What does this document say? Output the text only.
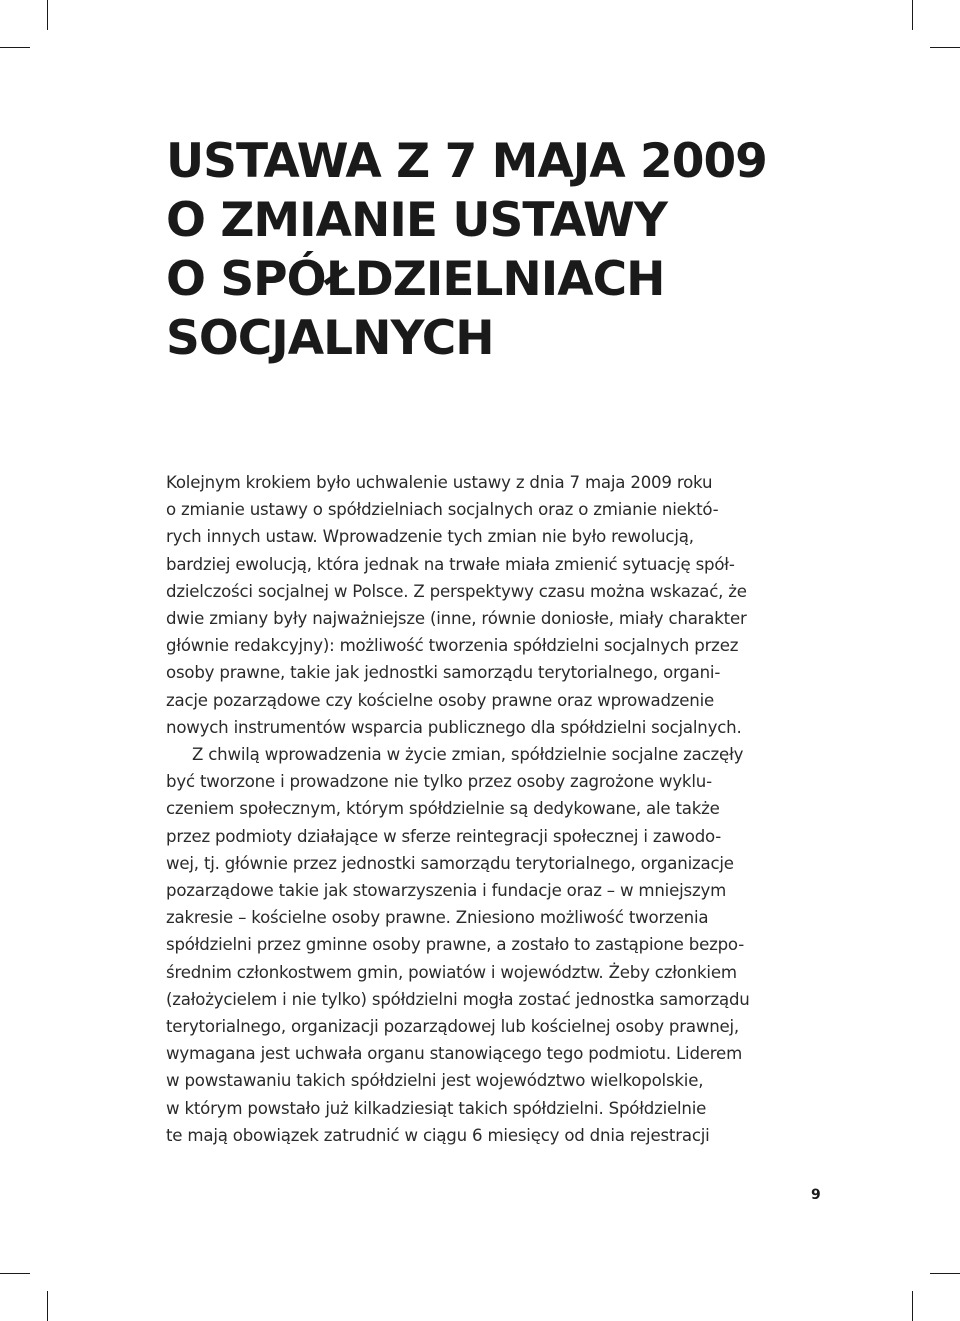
USTAWA Z 7 MAJA 2009
O ZMIANIE USTAWY
O SPÓŁDZIELNIACH
SOCJALNYCH
Kolejnym krokiem było uchwalenie ustawy z dnia 7 maja 2009 roku
o zmianie ustawy o spółdzielniach socjalnych oraz o zmianie niektó-
rych innych ustaw. Wprowadzenie tych zmian nie było rewolucją,
bardziej ewolucją, która jednak na trwałe miała zmienić sytuację spół-
dzielczości socjalnej w Polsce. Z perspektywy czasu można wskazać, że
dwie zmiany były najważniejsze (inne, równie doniosłe, miały charakter
głównie redakcyjny): możliwość tworzenia spółdzielni socjalnych przez
osoby prawne, takie jak jednostki samorządu terytorialnego, organi-
zacje pozarządowe czy kościelne osoby prawne oraz wprowadzenie
nowych instrumentów wsparcia publicznego dla spółdzielni socjalnych.
Z chwilą wprowadzenia w życie zmian, spółdzielnie socjalne zaczęły
być tworzone i prowadzone nie tylko przez osoby zagrożone wyklu-
czeniem społecznym, którym spółdzielnie są dedykowane, ale także
przez podmioty działające w sferze reintegracji społecznej i zawodo-
wej, tj. głównie przez jednostki samorządu terytorialnego, organizacje
pozarządowe takie jak stowarzyszenia i fundacje oraz – w mniejszym
zakresie – kościelne osoby prawne. Zniesiono możliwość tworzenia
spółdzielni przez gminne osoby prawne, a zostało to zastąpione bezpo-
średnim członkostwem gmin, powiatów i województw. Żeby członkiem
(założycielem i nie tylko) spółdzielni mogła zostać jednostka samorządu
terytorialnego, organizacji pozarządowej lub kościelnej osoby prawnej,
wymagana jest uchwała organu stanowiącego tego podmiotu. Liderem
w powstawaniu takich spółdzielni jest województwo wielkopolskie,
w którym powstało już kilkadziesiąt takich spółdzielni. Spółdzielnie
te mają obowiązek zatrudnić w ciągu 6 miesięcy od dnia rejestracji
9
